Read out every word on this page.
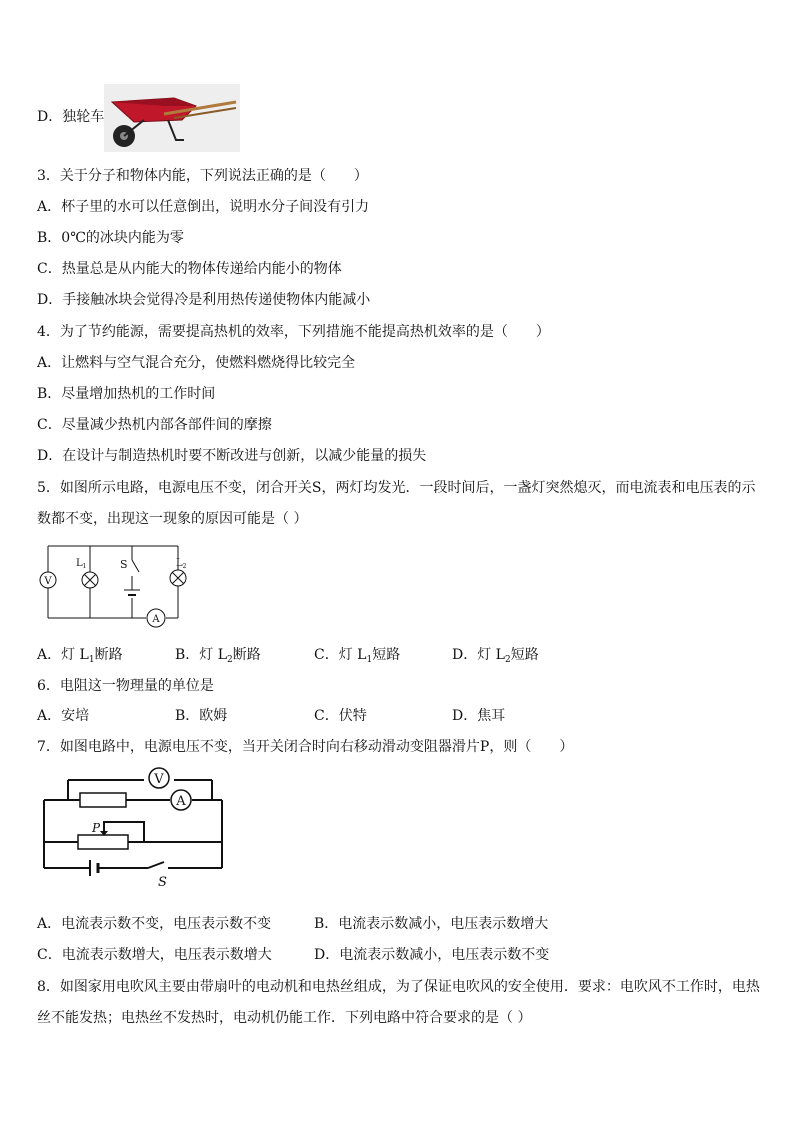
D．独轮车
3．关于分子和物体内能，下列说法正确的是（　　）
A．杯子里的水可以任意倒出，说明水分子间没有引力
B．0℃的冰块内能为零
C．热量总是从内能大的物体传递给内能小的物体
D．手接触冰块会觉得冷是利用热传递使物体内能减小
4．为了节约能源，需要提高热机的效率，下列措施不能提高热机效率的是（　　）
A．让燃料与空气混合充分，使燃料燃烧得比较完全
B．尽量增加热机的工作时间
C．尽量减少热机内部各部件间的摩擦
D．在设计与制造热机时要不断改进与创新，以减少能量的损失
5．如图所示电路，电源电压不变，闭合开关S，两灯均发光．一段时间后，一盏灯突然熄灭，而电流表和电压表的示
数都不变，出现这一现象的原因可能是（ ）
V
$L_1$	$L_2$
S
A
A．灯 $L_1$断路	B．灯 $L_2$断路	C．灯 $L_1$短路	D．灯 $L_2$短路
6．电阻这一物理量的单位是
A．安培	B．欧姆	C．伏特	D．焦耳
7．如图电路中，电源电压不变，当开关闭合时向右移动滑动变阻器滑片P，则（　　）
V
A
P
S
A．电流表示数不变，电压表示数不变	B．电流表示数减小，电压表示数增大
C．电流表示数增大，电压表示数增大	D．电流表示数减小，电压表示数不变
8．如图家用电吹风主要由带扇叶的电动机和电热丝组成，为了保证电吹风的安全使用．要求：电吹风不工作时，电热
丝不能发热；电热丝不发热时，电动机仍能工作．下列电路中符合要求的是（ ）
